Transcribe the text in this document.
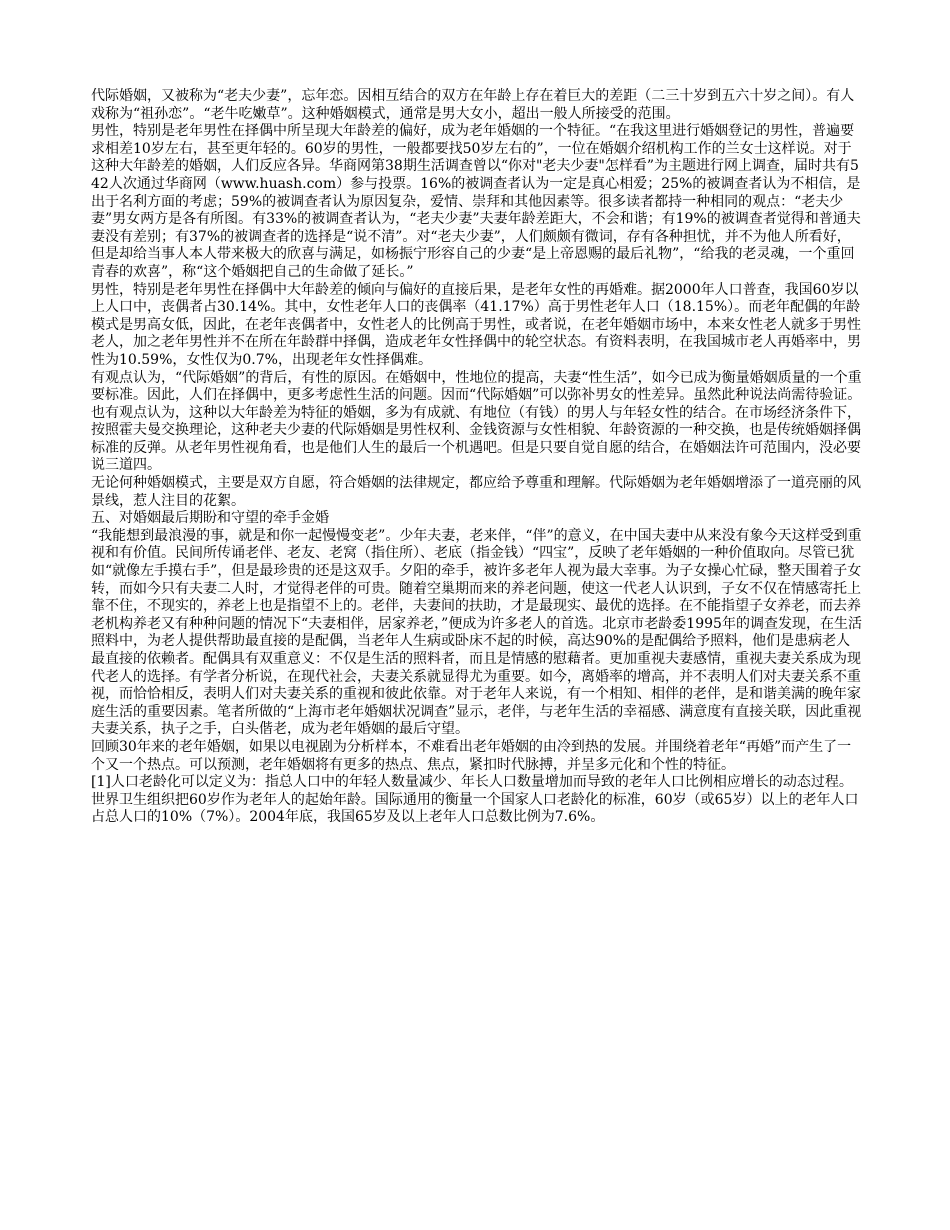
代际婚姻，又被称为“老夫少妻”，忘年恋。因相互结合的双方在年龄上存在着巨大的差距（二三十岁到五六十岁之间）。有人戏称为“祖孙恋”。“老牛吃嫩草”。这种婚姻模式，通常是男大女小，超出一般人所接受的范围。

男性，特别是老年男性在择偶中所呈现大年龄差的偏好，成为老年婚姻的一个特征。“在我这里进行婚姻登记的男性，普遍要求相差10岁左右，甚至更年轻的。60岁的男性，一般都要找50岁左右的”，一位在婚姻介绍机构工作的兰女士这样说。对于这种大年龄差的婚姻，人们反应各异。华商网第38期生活调查曾以“你对"老夫少妻"怎样看”为主题进行网上调查，届时共有542人次通过华商网（www.huash.com）参与投票。16%的被调查者认为一定是真心相爱；25%的被调查者认为不相信，是出于名利方面的考虑；59%的被调查者认为原因复杂，爱情、崇拜和其他因素等。很多读者都持一种相同的观点：“老夫少妻”男女两方是各有所图。有33%的被调查者认为，“老夫少妻”夫妻年龄差距大，不会和谐；有19%的被调查者觉得和普通夫妻没有差别；有37%的被调查者的选择是“说不清”。对“老夫少妻”，人们颇颇有微词，存有各种担忧，并不为他人所看好，但是却给当事人本人带来极大的欣喜与满足，如杨振宁形容自己的少妻“是上帝恩赐的最后礼物”，“给我的老灵魂，一个重回青春的欢喜”，称“这个婚姻把自己的生命做了延长。”

男性，特别是老年男性在择偶中大年龄差的倾向与偏好的直接后果，是老年女性的再婚难。据2000年人口普查，我国60岁以上人口中，丧偶者占30.14%。其中，女性老年人口的丧偶率（41.17%）高于男性老年人口（18.15%）。而老年配偶的年龄模式是男高女低，因此，在老年丧偶者中，女性老人的比例高于男性，或者说，在老年婚姻市场中，本来女性老人就多于男性老人，加之老年男性并不在所在年龄群中择偶，造成老年女性择偶中的轮空状态。有资料表明，在我国城市老人再婚率中，男性为10.59%，女性仅为0.7%，出现老年女性择偶难。

有观点认为，“代际婚姻”的背后，有性的原因。在婚姻中，性地位的提高，夫妻“性生活”，如今已成为衡量婚姻质量的一个重要标准。因此，人们在择偶中，更多考虑性生活的问题。因而“代际婚姻”可以弥补男女的性差异。虽然此种说法尚需待验证。

也有观点认为，这种以大年龄差为特征的婚姻，多为有成就、有地位（有钱）的男人与年轻女性的结合。在市场经济条件下，按照霍夫曼交换理论，这种老夫少妻的代际婚姻是男性权利、金钱资源与女性相貌、年龄资源的一种交换，也是传统婚姻择偶标准的反弹。从老年男性视角看，也是他们人生的最后一个机遇吧。但是只要自觉自愿的结合，在婚姻法许可范围内，没必要说三道四。

无论何种婚姻模式，主要是双方自愿，符合婚姻的法律规定，都应给予尊重和理解。代际婚姻为老年婚姻增添了一道亮丽的风景线，惹人注目的花絮。

五、对婚姻最后期盼和守望的牵手金婚

“我能想到最浪漫的事，就是和你一起慢慢变老”。少年夫妻，老来伴，“伴”的意义，在中国夫妻中从来没有象今天这样受到重视和有价值。民间所传诵老伴、老友、老窝（指住所）、老底（指金钱）“四宝”，反映了老年婚姻的一种价值取向。尽管已犹如“就像左手摸右手”，但是最珍贵的还是这双手。夕阳的牵手，被许多老年人视为最大幸事。为子女操心忙碌，整天围着子女转，而如今只有夫妻二人时，才觉得老伴的可贵。随着空巢期而来的养老问题，使这一代老人认识到，子女不仅在情感寄托上靠不住，不现实的，养老上也是指望不上的。老伴，夫妻间的扶助，才是最现实、最优的选择。在不能指望子女养老，而去养老机构养老又有种种问题的情况下“夫妻相伴，居家养老，”便成为许多老人的首选。北京市老龄委1995年的调查发现，在生活照料中，为老人提供帮助最直接的是配偶，当老年人生病或卧床不起的时候，高达90%的是配偶给予照料，他们是患病老人最直接的依赖者。配偶具有双重意义：不仅是生活的照料者，而且是情感的慰藉者。更加重视夫妻感情，重视夫妻关系成为现代老人的选择。有学者分析说，在现代社会，夫妻关系就显得尤为重要。如今，离婚率的增高，并不表明人们对夫妻关系不重视，而恰恰相反，表明人们对夫妻关系的重视和彼此依靠。对于老年人来说，有一个相知、相伴的老伴，是和谐美满的晚年家庭生活的重要因素。笔者所做的“上海市老年婚姻状况调查”显示，老伴，与老年生活的幸福感、满意度有直接关联，因此重视夫妻关系，执子之手，白头偕老，成为老年婚姻的最后守望。

回顾30年来的老年婚姻，如果以电视剧为分析样本，不难看出老年婚姻的由冷到热的发展。并围绕着老年“再婚”而产生了一个又一个热点。可以预测，老年婚姻将有更多的热点、焦点，紧扣时代脉搏，并呈多元化和个性的特征。

[1]人口老龄化可以定义为：指总人口中的年轻人数量减少、年长人口数量增加而导致的老年人口比例相应增长的动态过程。世界卫生组织把60岁作为老年人的起始年龄。国际通用的衡量一个国家人口老龄化的标准，60岁（或65岁）以上的老年人口占总人口的10%（7%）。2004年底，我国65岁及以上老年人口总数比例为7.6%。
